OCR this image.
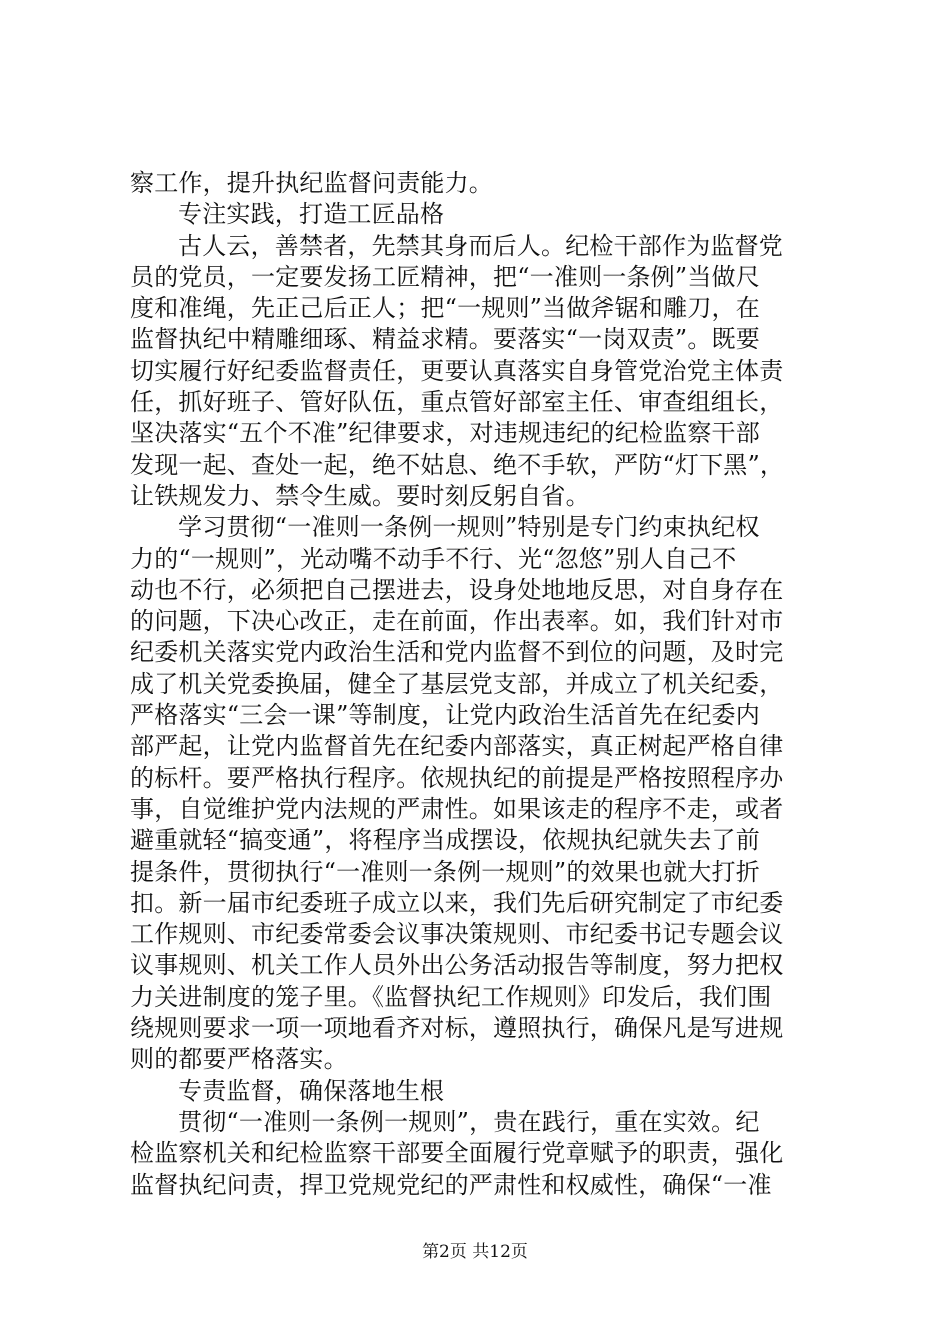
察工作，提升执纪监督问责能力。
专注实践，打造工匠品格
古人云，善禁者，先禁其身而后人。纪检干部作为监督党
员的党员，一定要发扬工匠精神，把“一准则一条例”当做尺
度和准绳，先正己后正人；把“一规则”当做斧锯和雕刀，在
监督执纪中精雕细琢、精益求精。要落实“一岗双责”。既要
切实履行好纪委监督责任，更要认真落实自身管党治党主体责
任，抓好班子、管好队伍，重点管好部室主任、审查组组长，
坚决落实“五个不准”纪律要求，对违规违纪的纪检监察干部
发现一起、查处一起，绝不姑息、绝不手软，严防“灯下黑”，
让铁规发力、禁令生威。要时刻反躬自省。
学习贯彻“一准则一条例一规则”特别是专门约束执纪权
力的“一规则”，光动嘴不动手不行、光“忽悠”别人自己不
动也不行，必须把自己摆进去，设身处地地反思，对自身存在
的问题，下决心改正，走在前面，作出表率。如，我们针对市
纪委机关落实党内政治生活和党内监督不到位的问题，及时完
成了机关党委换届，健全了基层党支部，并成立了机关纪委，
严格落实“三会一课”等制度，让党内政治生活首先在纪委内
部严起，让党内监督首先在纪委内部落实，真正树起严格自律
的标杆。要严格执行程序。依规执纪的前提是严格按照程序办
事，自觉维护党内法规的严肃性。如果该走的程序不走，或者
避重就轻“搞变通”，将程序当成摆设，依规执纪就失去了前
提条件，贯彻执行“一准则一条例一规则”的效果也就大打折
扣。新一届市纪委班子成立以来，我们先后研究制定了市纪委
工作规则、市纪委常委会议事决策规则、市纪委书记专题会议
议事规则、机关工作人员外出公务活动报告等制度，努力把权
力关进制度的笼子里。《监督执纪工作规则》印发后，我们围
绕规则要求一项一项地看齐对标，遵照执行，确保凡是写进规
则的都要严格落实。
专责监督，确保落地生根
贯彻“一准则一条例一规则”，贵在践行，重在实效。纪
检监察机关和纪检监察干部要全面履行党章赋予的职责，强化
监督执纪问责，捍卫党规党纪的严肃性和权威性，确保“一准
第2页 共12页
